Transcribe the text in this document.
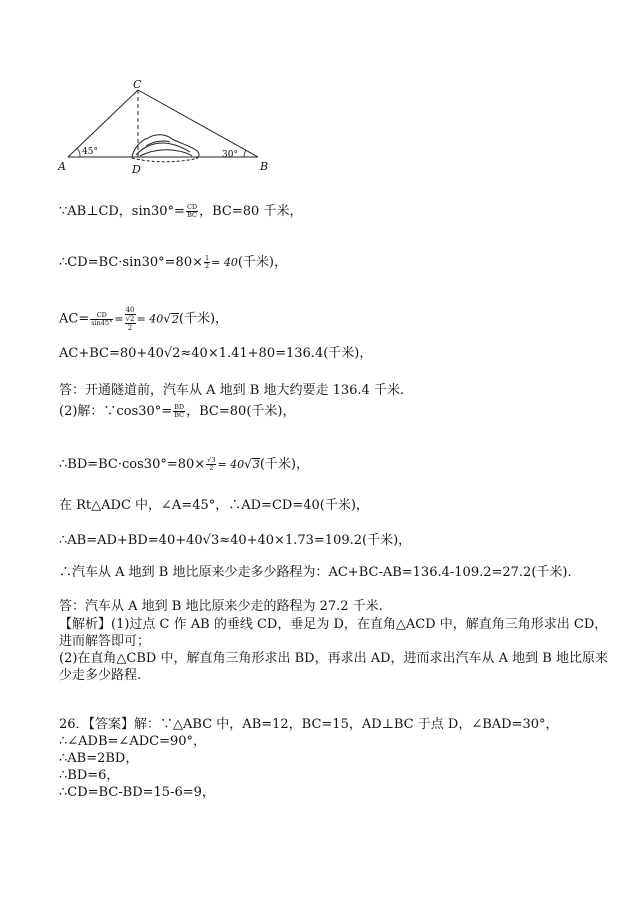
C
A	B
D
45°	30°
∵AB⊥CD，$\sin 30^\circ= \frac{CD}{BC}$ ，BC=80 千米，
∴CD=BC·sin30°=80× $\frac{1}{2} = 40$(千米)，
$AC= \frac{CD}{\sin 45^\circ}$ =
40
√2
2
= 40√2(千米)，
AC+BC=80+40√2≈40×1.41+80=136.4(千米)，
答：开通隧道前，汽车从 A 地到 B 地大约要走 136.4 千米.
(2)解：∵cos30°= $\frac{BD}{BC}$ ，BC=80(千米)，
∴BD=BC·cos30°=80× $\frac{√3}{2} = 40√3$(千米)，
在 Rt△ADC 中，∠A=45°，∴AD=CD=40(千米)，
∴AB=AD+BD=40+40√3≈40+40×1.73=109.2(千米)，
∴汽车从 A 地到 B 地比原来少走多少路程为：AC+BC-AB=136.4-109.2=27.2(千米).
答：汽车从 A 地到 B 地比原来少走的路程为 27.2 千米.
【解析】(1)过点 C 作 AB 的垂线 CD，垂足为 D，在直角△ACD 中，解直角三角形求出 CD，
进而解答即可；
(2)在直角△CBD 中，解直角三角形求出 BD，再求出 AD，进而求出汽车从 A 地到 B 地比原来
少走多少路程.
26．【答案】解：∵△ABC 中，AB=12，BC=15，AD⊥BC 于点 D，∠BAD=30°，
∴∠ADB=∠ADC=90°，
∴AB=2BD，
∴BD=6，
∴CD=BC-BD=15-6=9，
